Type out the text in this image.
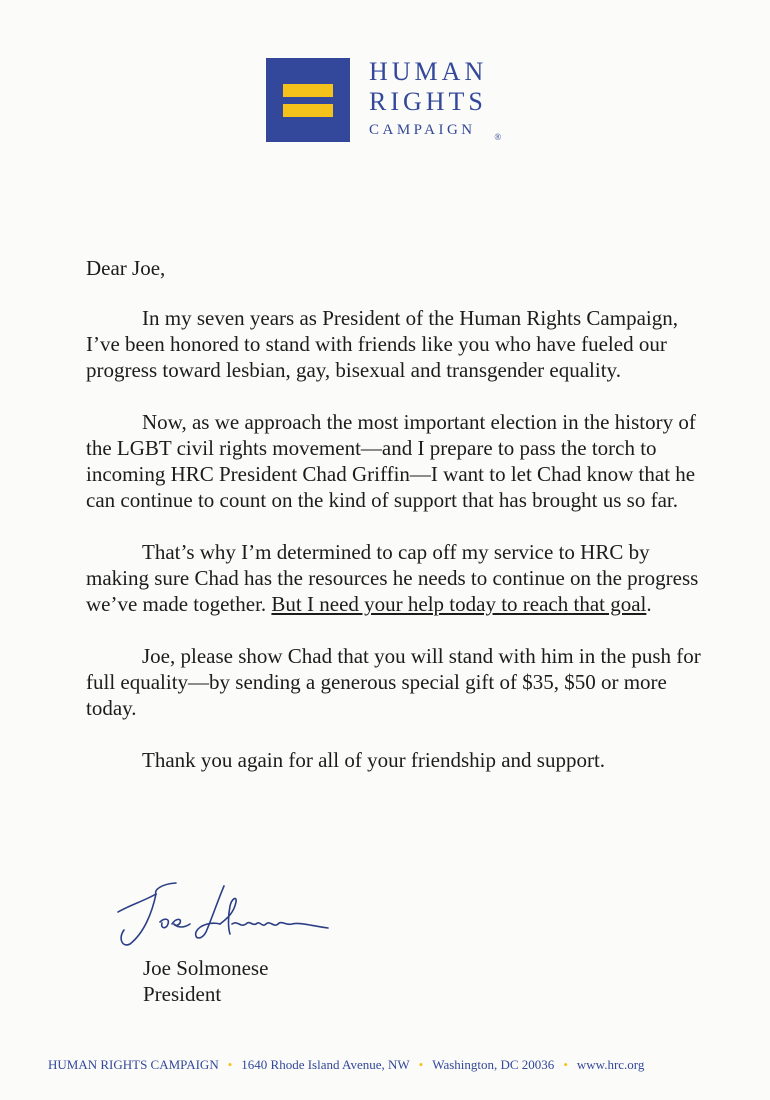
HUMAN
RIGHTS
CAMPAIGN ®

Dear Joe,

In my seven years as President of the Human Rights Campaign, I’ve been honored to stand with friends like you who have fueled our progress toward lesbian, gay, bisexual and transgender equality.

Now, as we approach the most important election in the history of the LGBT civil rights movement—and I prepare to pass the torch to incoming HRC President Chad Griffin—I want to let Chad know that he can continue to count on the kind of support that has brought us so far.

That’s why I’m determined to cap off my service to HRC by making sure Chad has the resources he needs to continue on the progress we’ve made together. But I need your help today to reach that goal.

Joe, please show Chad that you will stand with him in the push for full equality—by sending a generous special gift of $35, $50 or more today.

Thank you again for all of your friendship and support.

Joe Solmonese
President
HUMAN RIGHTS CAMPAIGN • 1640 Rhode Island Avenue, NW • Washington, DC 20036 • www.hrc.org
